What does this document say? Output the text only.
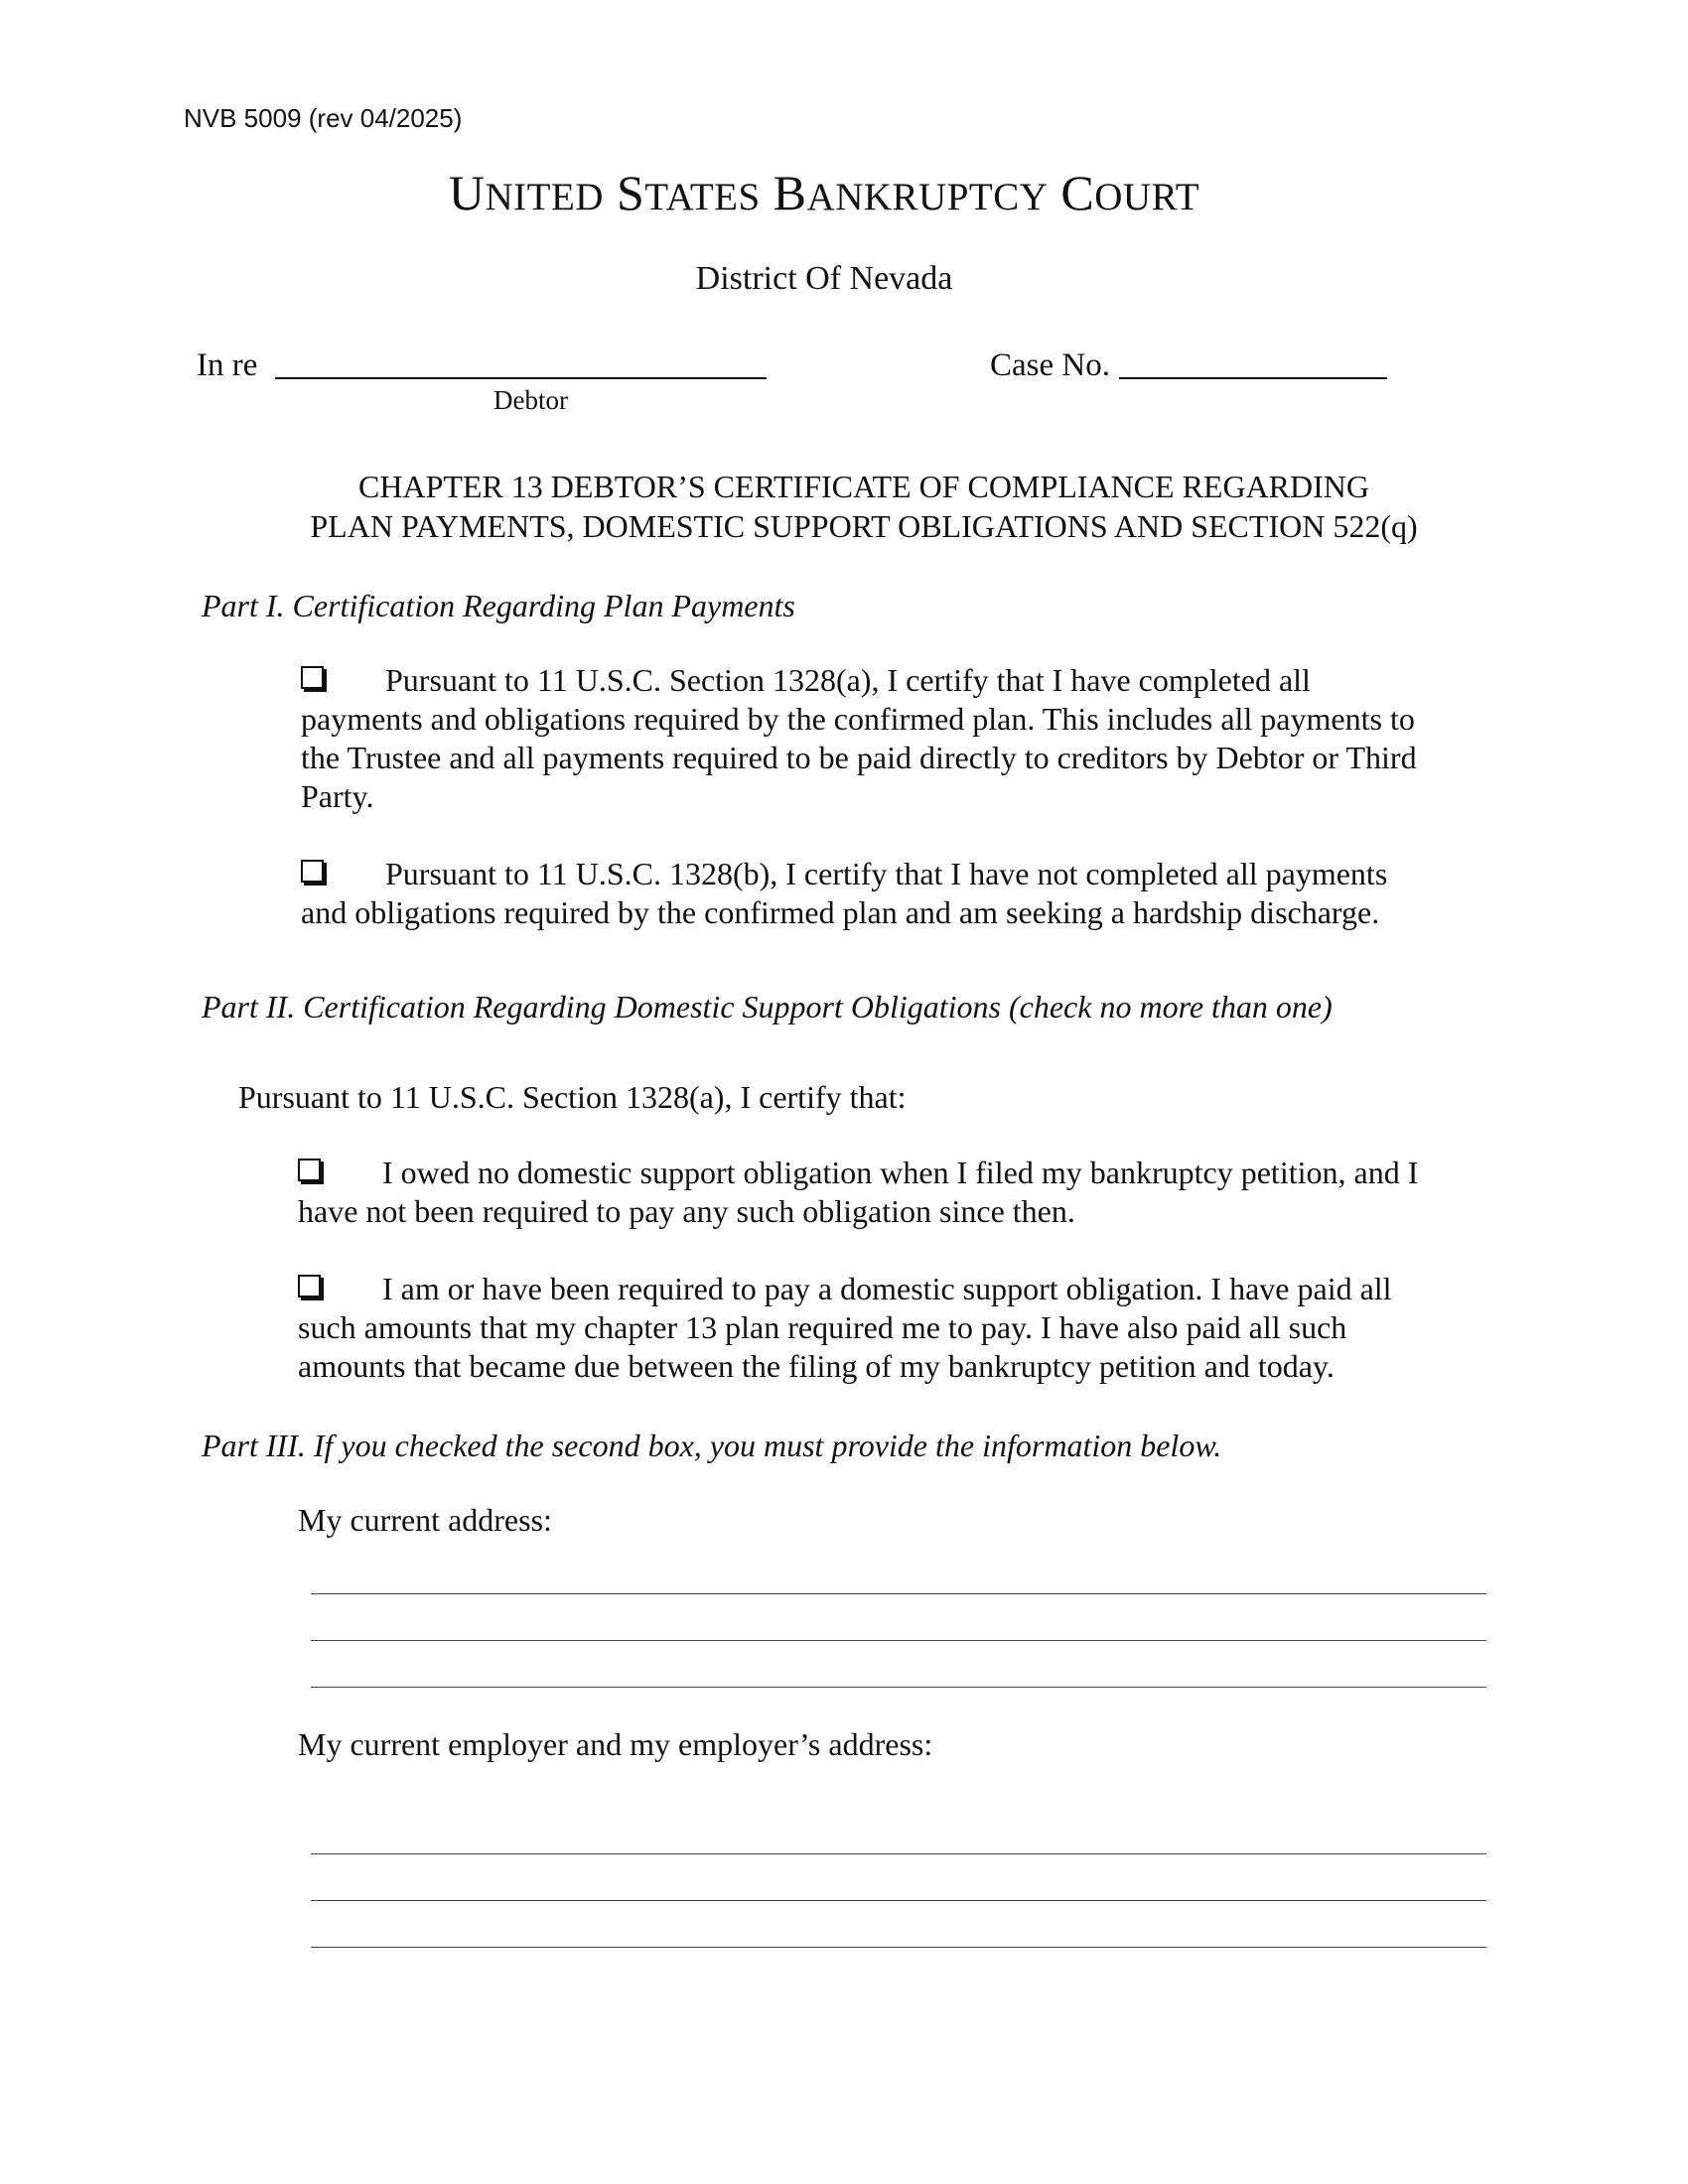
NVB 5009 (rev 04/2025)
UNITED STATES BANKRUPTCY COURT
District Of Nevada
In re
Debtor
Case No.
CHAPTER 13 DEBTOR’S CERTIFICATE OF COMPLIANCE REGARDING
PLAN PAYMENTS, DOMESTIC SUPPORT OBLIGATIONS AND SECTION 522(q)
Part I. Certification Regarding Plan Payments
Pursuant to 11 U.S.C. Section 1328(a), I certify that I have completed all
payments and obligations required by the confirmed plan. This includes all payments to
the Trustee and all payments required to be paid directly to creditors by Debtor or Third
Party.
Pursuant to 11 U.S.C. 1328(b), I certify that I have not completed all payments
and obligations required by the confirmed plan and am seeking a hardship discharge.
Part II. Certification Regarding Domestic Support Obligations (check no more than one)
Pursuant to 11 U.S.C. Section 1328(a), I certify that:
I owed no domestic support obligation when I filed my bankruptcy petition, and I
have not been required to pay any such obligation since then.
I am or have been required to pay a domestic support obligation. I have paid all
such amounts that my chapter 13 plan required me to pay. I have also paid all such
amounts that became due between the filing of my bankruptcy petition and today.
Part III. If you checked the second box, you must provide the information below.
My current address:
My current employer and my employer’s address:
